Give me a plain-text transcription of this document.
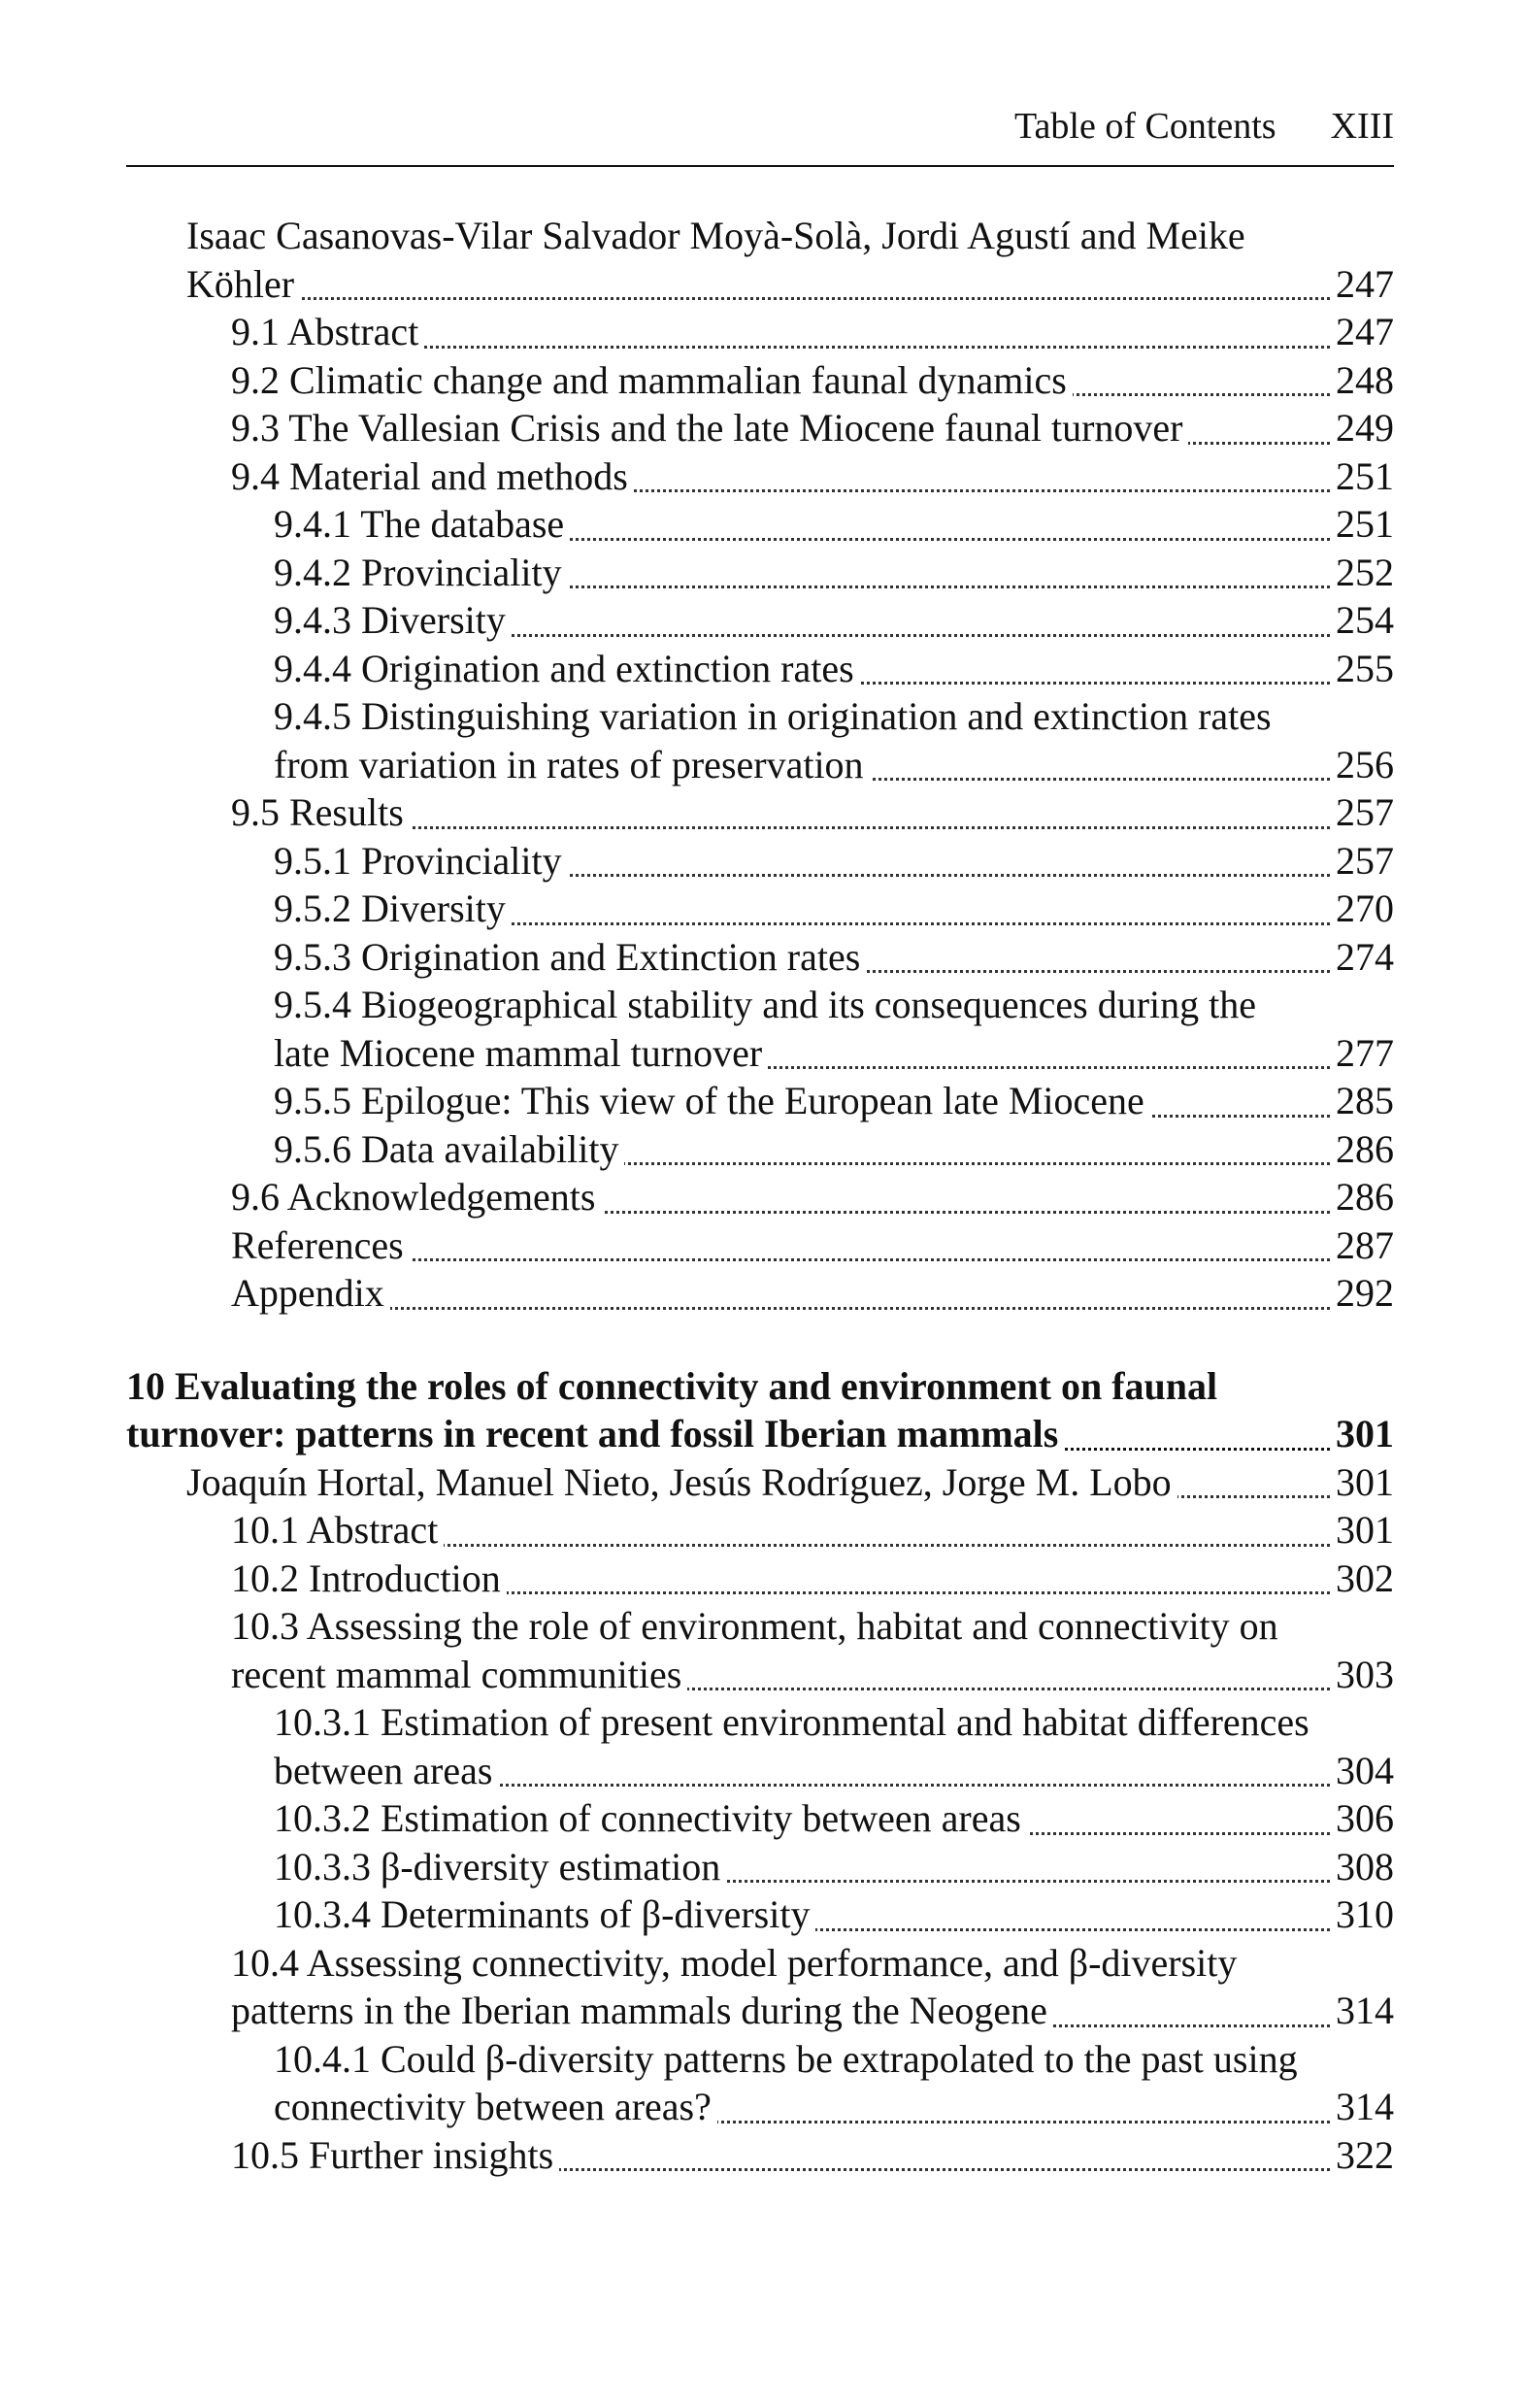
Table of Contents XIII
Isaac Casanovas-Vilar Salvador Moyà-Solà, Jordi Agustí and Meike
Köhler	247
9.1 Abstract	247
9.2 Climatic change and mammalian faunal dynamics	248
9.3 The Vallesian Crisis and the late Miocene faunal turnover	249
9.4 Material and methods	251
9.4.1 The database	251
9.4.2 Provinciality	252
9.4.3 Diversity	254
9.4.4 Origination and extinction rates	255
9.4.5 Distinguishing variation in origination and extinction rates
from variation in rates of preservation	256
9.5 Results	257
9.5.1 Provinciality	257
9.5.2 Diversity	270
9.5.3 Origination and Extinction rates	274
9.5.4 Biogeographical stability and its consequences during the
late Miocene mammal turnover	277
9.5.5 Epilogue: This view of the European late Miocene	285
9.5.6 Data availability	286
9.6 Acknowledgements	286
References	287
Appendix	292
10 Evaluating the roles of connectivity and environment on faunal
turnover: patterns in recent and fossil Iberian mammals	301
Joaquín Hortal, Manuel Nieto, Jesús Rodríguez, Jorge M. Lobo	301
10.1 Abstract	301
10.2 Introduction	302
10.3 Assessing the role of environment, habitat and connectivity on
recent mammal communities	303
10.3.1 Estimation of present environmental and habitat differences
between areas	304
10.3.2 Estimation of connectivity between areas	306
10.3.3 β-diversity estimation	308
10.3.4 Determinants of β-diversity	310
10.4 Assessing connectivity, model performance, and β-diversity
patterns in the Iberian mammals during the Neogene	314
10.4.1 Could β-diversity patterns be extrapolated to the past using
connectivity between areas?	314
10.5 Further insights	322
